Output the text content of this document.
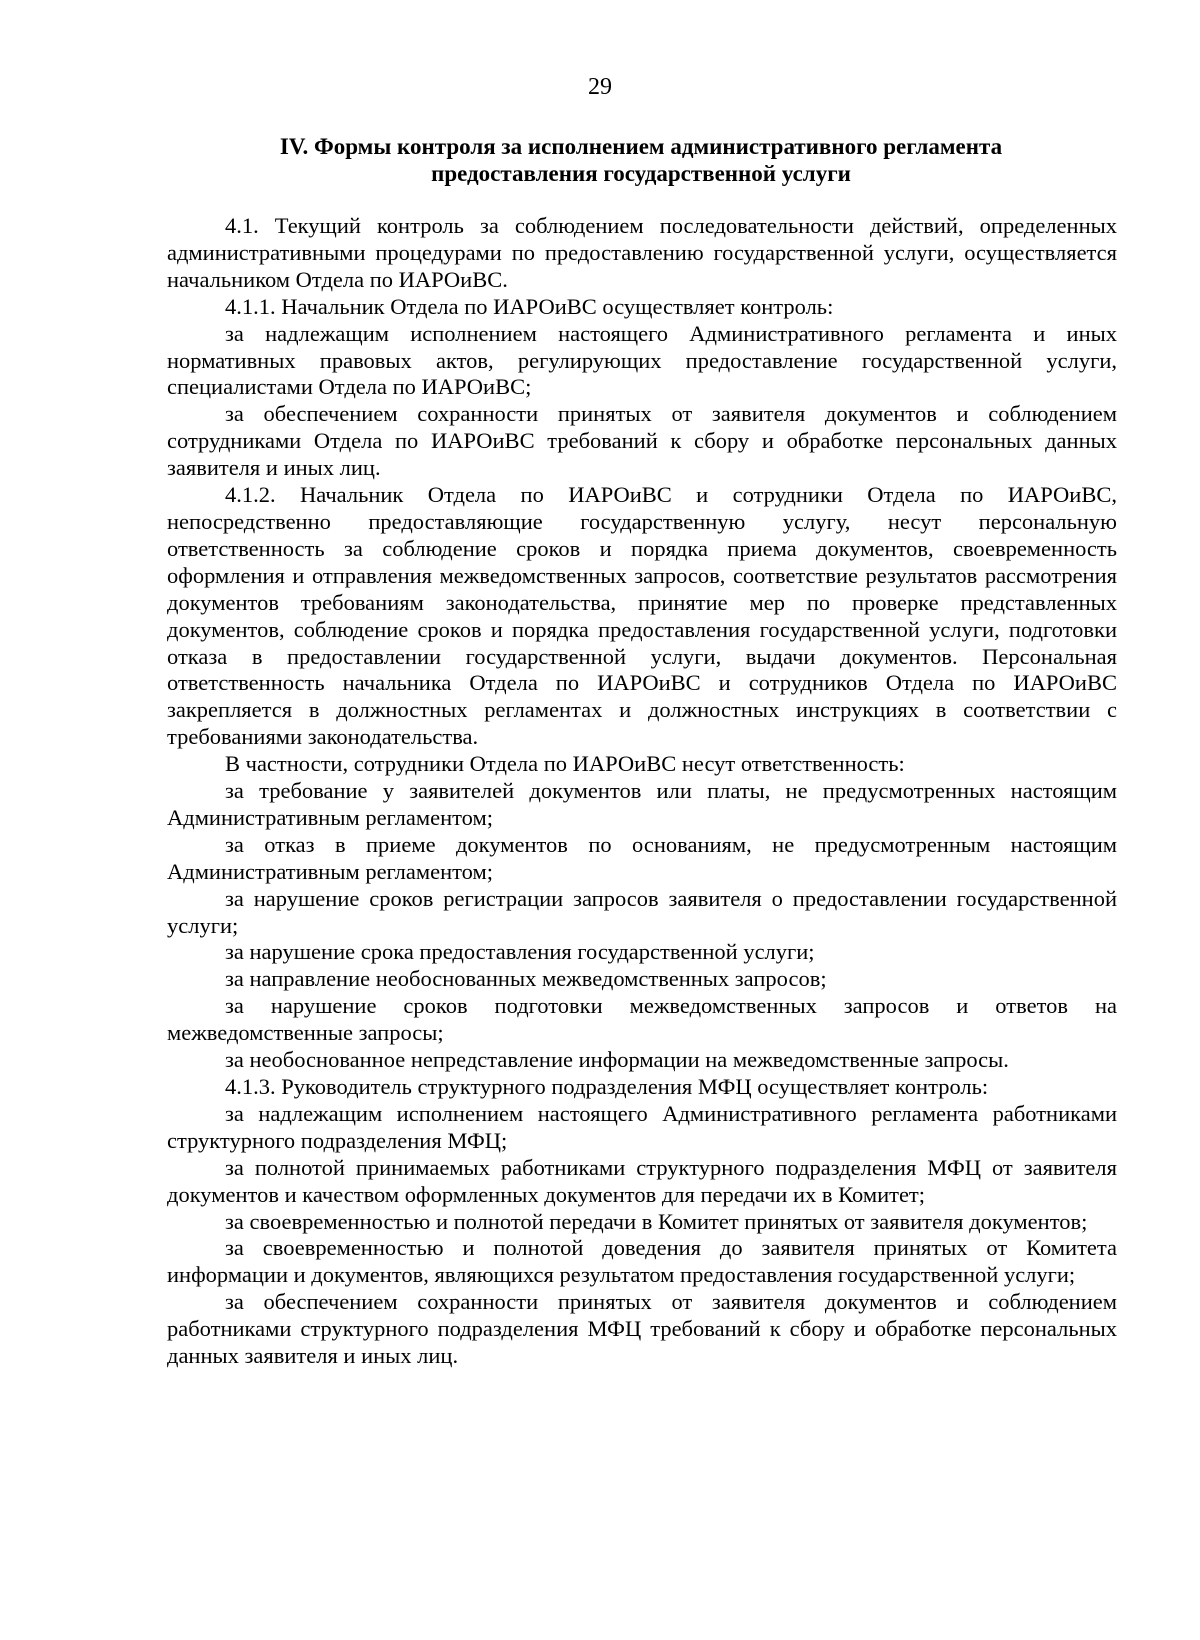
29
IV. Формы контроля за исполнением административного регламента
предоставления государственной услуги

4.1. Текущий контроль за соблюдением последовательности действий, определенных административными процедурами по предоставлению государственной услуги, осуществляется начальником Отдела по ИАРОиВС.

4.1.1. Начальник Отдела по ИАРОиВС осуществляет контроль:

за надлежащим исполнением настоящего Административного регламента и иных нормативных правовых актов, регулирующих предоставление государственной услуги, специалистами Отдела по ИАРОиВС;

за обеспечением сохранности принятых от заявителя документов и соблюдением сотрудниками Отдела по ИАРОиВС требований к сбору и обработке персональных данных заявителя и иных лиц.

4.1.2. Начальник Отдела по ИАРОиВС и сотрудники Отдела по ИАРОиВС, непосредственно предоставляющие государственную услугу, несут персональную ответственность за соблюдение сроков и порядка приема документов, своевременность оформления и отправления межведомственных запросов, соответствие результатов рассмотрения документов требованиям законодательства, принятие мер по проверке представленных документов, соблюдение сроков и порядка предоставления государственной услуги, подготовки отказа в предоставлении государственной услуги, выдачи документов. Персональная ответственность начальника Отдела по ИАРОиВС и сотрудников Отдела по ИАРОиВС закрепляется в должностных регламентах и должностных инструкциях в соответствии с требованиями законодательства.

В частности, сотрудники Отдела по ИАРОиВС несут ответственность:

за требование у заявителей документов или платы, не предусмотренных настоящим Административным регламентом;

за отказ в приеме документов по основаниям, не предусмотренным настоящим Административным регламентом;

за нарушение сроков регистрации запросов заявителя о предоставлении государственной услуги;

за нарушение срока предоставления государственной услуги;

за направление необоснованных межведомственных запросов;

за нарушение сроков подготовки межведомственных запросов и ответов на межведомственные запросы;

за необоснованное непредставление информации на межведомственные запросы.

4.1.3. Руководитель структурного подразделения МФЦ осуществляет контроль:

за надлежащим исполнением настоящего Административного регламента работниками структурного подразделения МФЦ;

за полнотой принимаемых работниками структурного подразделения МФЦ от заявителя документов и качеством оформленных документов для передачи их в Комитет;

за своевременностью и полнотой передачи в Комитет принятых от заявителя документов;

за своевременностью и полнотой доведения до заявителя принятых от Комитета информации и документов, являющихся результатом предоставления государственной услуги;

за обеспечением сохранности принятых от заявителя документов и соблюдением работниками структурного подразделения МФЦ требований к сбору и обработке персональных данных заявителя и иных лиц.
